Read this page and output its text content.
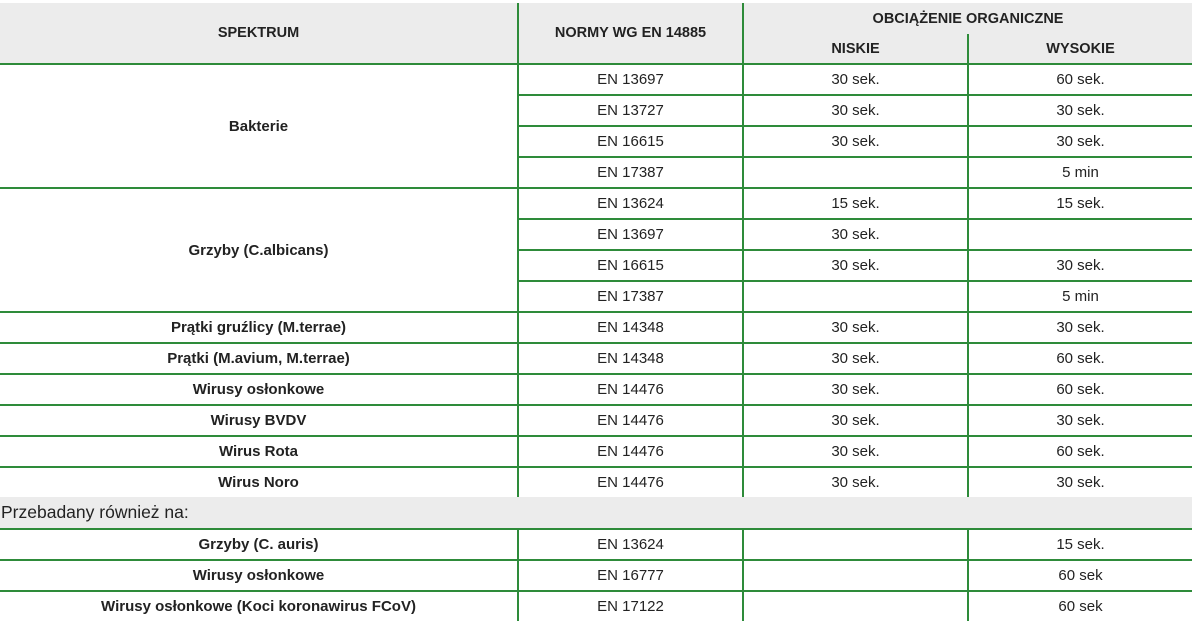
SPEKTRUM	NORMY WG EN 14885	OBCIĄŻENIE ORGANICZNE	
		NISKIE	WYSOKIE
Bakterie	EN 13697	30 sek.	60 sek.
	EN 13727	30 sek.	30 sek.
	EN 16615	30 sek.	30 sek.
	EN 17387		5 min
Grzyby (C.albicans)	EN 13624	15 sek.	15 sek.
	EN 13697	30 sek.	
	EN 16615	30 sek.	30 sek.
	EN 17387		5 min
Prątki gruźlicy (M.terrae)	EN 14348	30 sek.	30 sek.
Prątki (M.avium, M.terrae)	EN 14348	30 sek.	60 sek.
Wirusy osłonkowe	EN 14476	30 sek.	60 sek.
Wirusy BVDV	EN 14476	30 sek.	30 sek.
Wirus Rota	EN 14476	30 sek.	60 sek.
Wirus Noro	EN 14476	30 sek.	30 sek.
Przebadany również na:			
Grzyby (C. auris)	EN 13624		15 sek.
Wirusy osłonkowe	EN 16777		60 sek
Wirusy osłonkowe (Koci koronawirus FCoV)	EN 17122		60 sek
